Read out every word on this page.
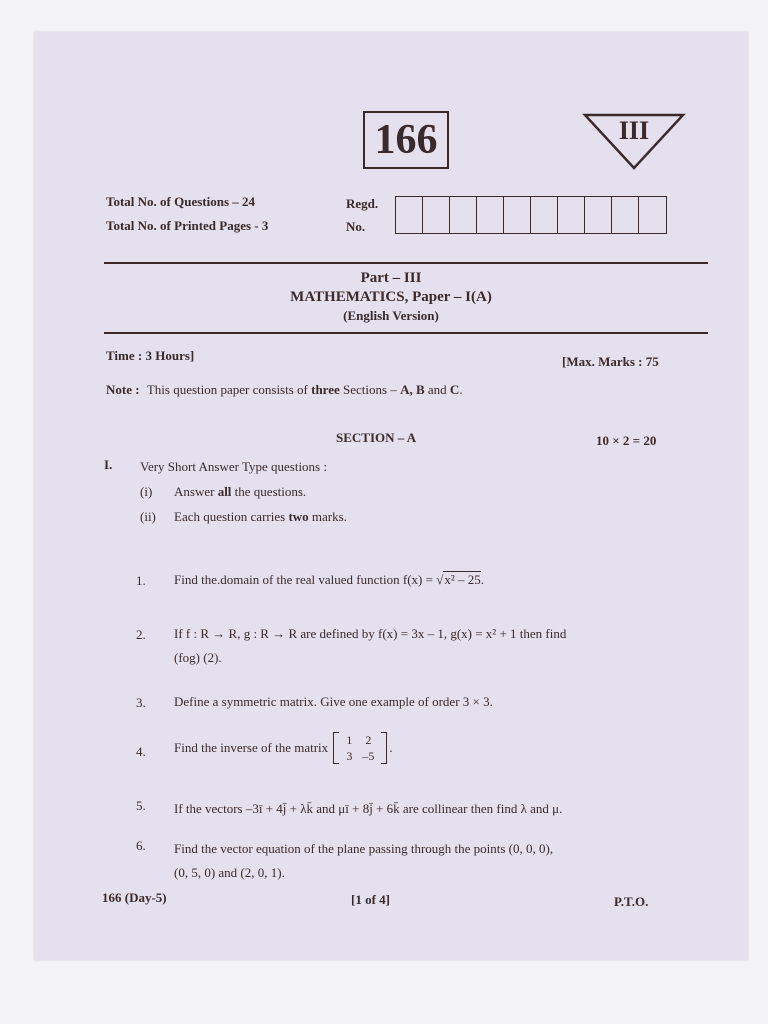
166	III
Total No. of Questions – 24
Total No. of Printed Pages - 3
Regd.
No.
Part – III
MATHEMATICS, Paper – I(A)
(English Version)
Time : 3 Hours]	[Max. Marks : 75
Note : This question paper consists of three Sections – A, B and C.
SECTION – A	10 × 2 = 20
I. Very Short Answer Type questions :
(i) Answer all the questions.
(ii) Each question carries two marks.
1. Find the.domain of the real valued function f(x) = √x² – 25.
2. If f : R → R, g : R → R are defined by f(x) = 3x – 1, g(x) = x² + 1 then find
(fog) (2).
3. Define a symmetric matrix. Give one example of order 3 × 3.
4. Find the inverse of the matrix 1	2
3	–5
.
5. If the vectors –3ī + 4j̄ + λk̄ and μī + 8j̄ + 6k̄ are collinear then find λ and μ.
6. Find the vector equation of the plane passing through the points (0, 0, 0),
(0, 5, 0) and (2, 0, 1).
166 (Day-5)	[1 of 4]	P.T.O.
